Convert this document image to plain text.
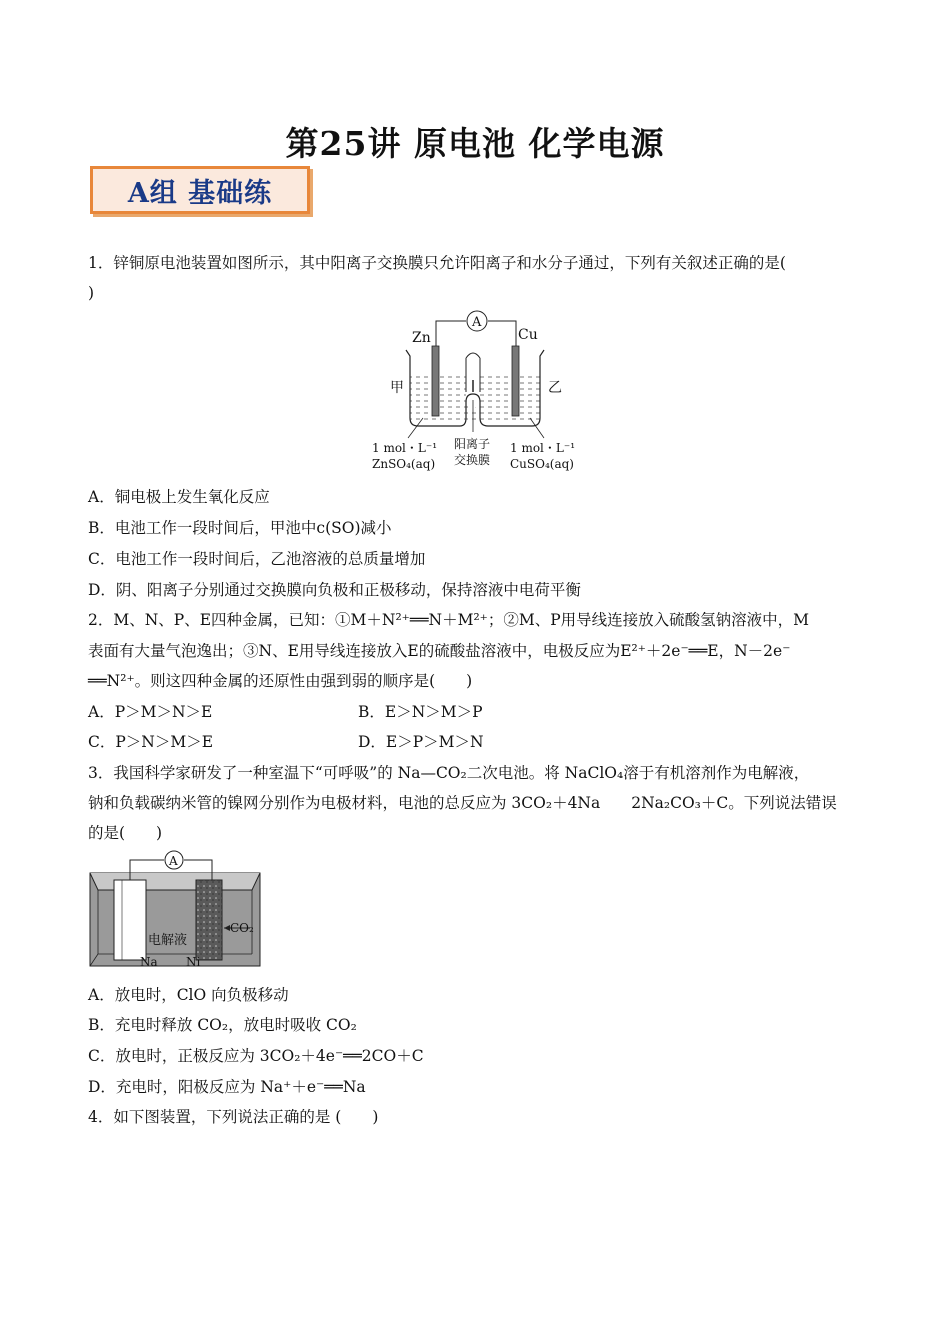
第25讲 原电池 化学电源
A组 基础练
1．锌铜原电池装置如图所示，其中阳离子交换膜只允许阳离子和水分子通过，下列有关叙述正确的是(
)
A
Zn	Cu
甲	乙
1 mol・L⁻¹
ZnSO₄(aq)
阳离子
交换膜
1 mol・L⁻¹
CuSO₄(aq)
A．铜电极上发生氧化反应
B．电池工作一段时间后，甲池中c(SO)减小
C．电池工作一段时间后，乙池溶液的总质量增加
D．阴、阳离子分别通过交换膜向负极和正极移动，保持溶液中电荷平衡
2．M、N、P、E四种金属，已知：①M＋N²⁺══N＋M²⁺；②M、P用导线连接放入硫酸氢钠溶液中，M
表面有大量气泡逸出；③N、E用导线连接放入E的硫酸盐溶液中，电极反应为E²⁺＋2e⁻══E，N－2e⁻
══N²⁺。则这四种金属的还原性由强到弱的顺序是(　　)
A．P＞M＞N＞E	B．E＞N＞M＞P
C．P＞N＞M＞E	D．E＞P＞M＞N
3．我国科学家研发了一种室温下“可呼吸”的 Na—CO₂二次电池。将 NaClO₄溶于有机溶剂作为电解液，
钠和负载碳纳米管的镍网分别作为电极材料，电池的总反应为 3CO₂＋4Na　　2Na₂CO₃＋C。下列说法错误
的是(　　)
A
CO₂
电解液
Na Ni
A．放电时，ClO 向负极移动
B．充电时释放 CO₂，放电时吸收 CO₂
C．放电时，正极反应为 3CO₂＋4e⁻══2CO＋C
D．充电时，阳极反应为 Na⁺＋e⁻══Na
4．如下图装置，下列说法正确的是 (　　)
